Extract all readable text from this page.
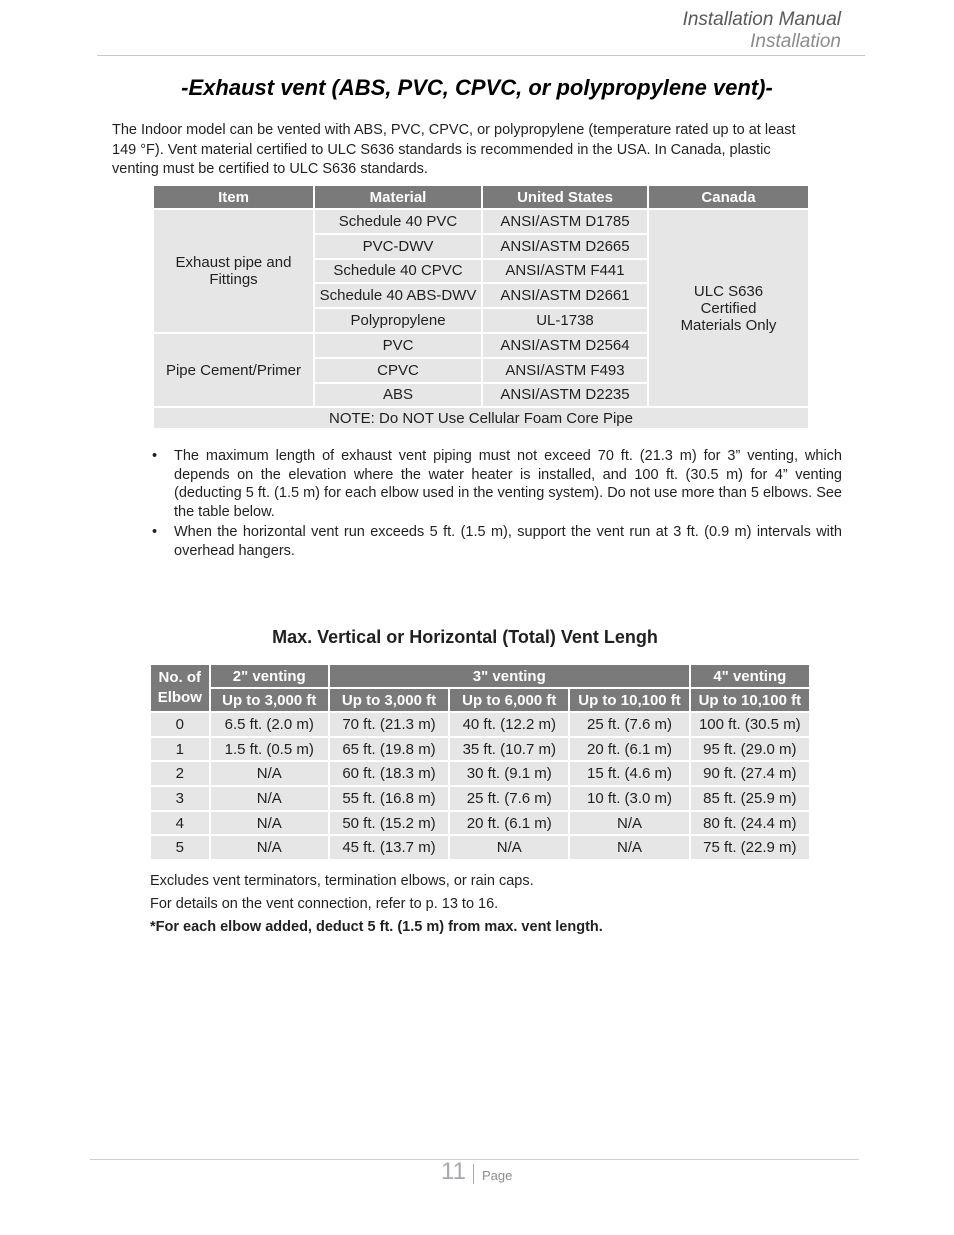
Installation Manual
Installation
-Exhaust vent (ABS, PVC, CPVC, or polypropylene vent)-
The Indoor model can be vented with ABS, PVC, CPVC, or polypropylene (temperature rated up to at least 149 °F). Vent material certified to ULC S636 standards is recommended in the USA. In Canada, plastic venting must be certified to ULC S636 standards.
Item	Material	United States	Canada
Exhaust pipe and Fittings	Schedule 40 PVC	ANSI/ASTM D1785	ULC S636 Certified Materials Only
	PVC-DWV	ANSI/ASTM D2665	
	Schedule 40 CPVC	ANSI/ASTM F441	
	Schedule 40 ABS-DWV	ANSI/ASTM D2661	
	Polypropylene	UL-1738	
Pipe Cement/Primer	PVC	ANSI/ASTM D2564	
	CPVC	ANSI/ASTM F493	
	ABS	ANSI/ASTM D2235	
NOTE: Do NOT Use Cellular Foam Core Pipe			
• The maximum length of exhaust vent piping must not exceed 70 ft. (21.3 m) for 3” venting, which depends on the elevation where the water heater is installed, and 100 ft. (30.5 m) for 4” venting (deducting 5 ft. (1.5 m) for each elbow used in the venting system). Do not use more than 5 elbows. See the table below.
• When the horizontal vent run exceeds 5 ft. (1.5 m), support the vent run at 3 ft. (0.9 m) intervals with overhead hangers.
Max. Vertical or Horizontal (Total) Vent Lengh
No. of Elbow	2" venting	3" venting			4" venting
	Up to 3,000 ft	Up to 3,000 ft	Up to 6,000 ft	Up to 10,100 ft	Up to 10,100 ft
0	6.5 ft. (2.0 m)	70 ft. (21.3 m)	40 ft. (12.2 m)	25 ft. (7.6 m)	100 ft. (30.5 m)
1	1.5 ft. (0.5 m)	65 ft. (19.8 m)	35 ft. (10.7 m)	20 ft. (6.1 m)	95 ft. (29.0 m)
2	N/A	60 ft. (18.3 m)	30 ft. (9.1 m)	15 ft. (4.6 m)	90 ft. (27.4 m)
3	N/A	55 ft. (16.8 m)	25 ft. (7.6 m)	10 ft. (3.0 m)	85 ft. (25.9 m)
4	N/A	50 ft. (15.2 m)	20 ft. (6.1 m)	N/A	80 ft. (24.4 m)
5	N/A	45 ft. (13.7 m)	N/A	N/A	75 ft. (22.9 m)
Excludes vent terminators, termination elbows, or rain caps.
For details on the vent connection, refer to p. 13 to 16.
*For each elbow added, deduct 5 ft. (1.5 m) from max. vent length.
11 Page
